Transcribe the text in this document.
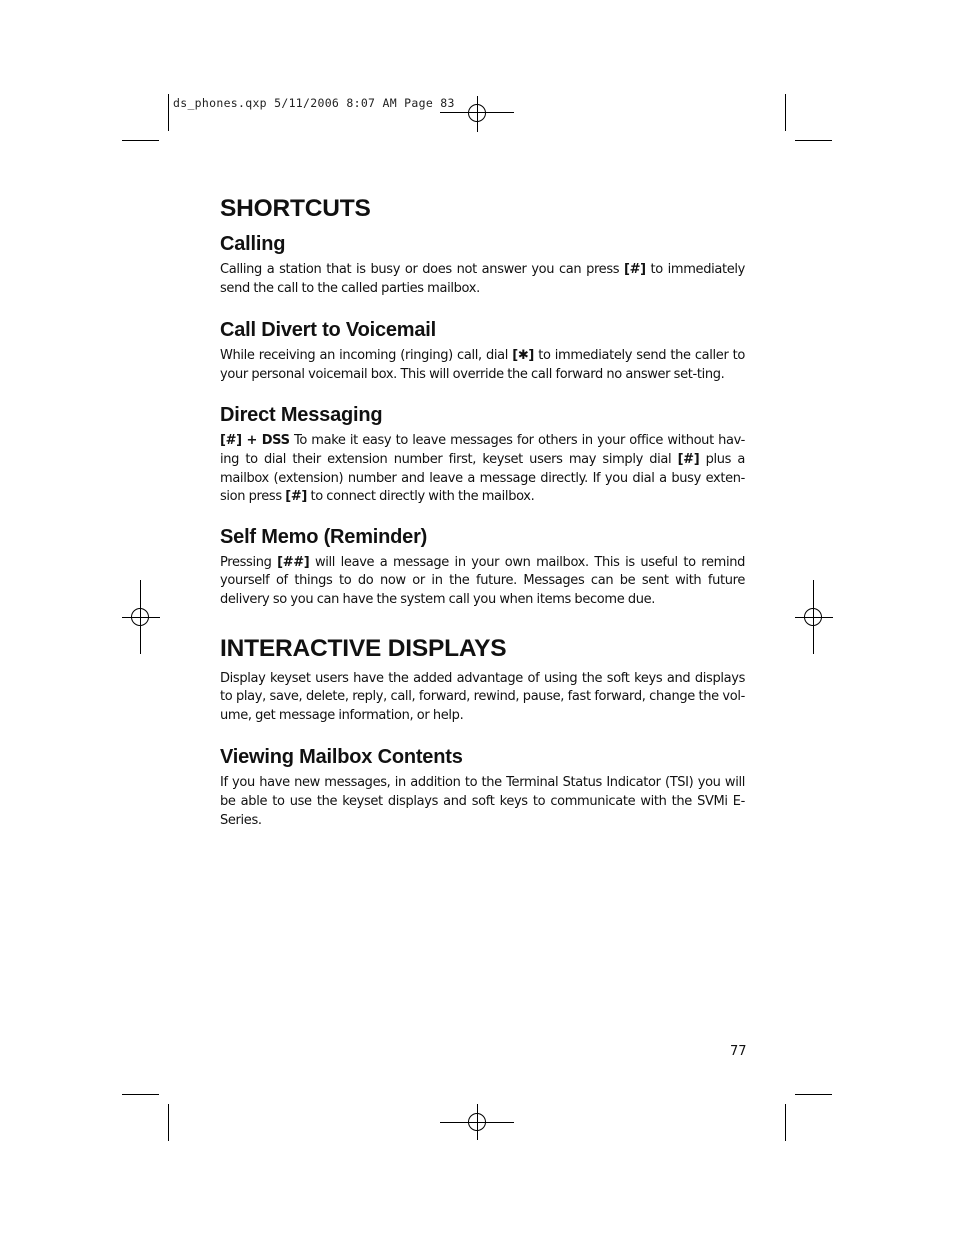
ds_phones.qxp 5/11/2006 8:07 AM Page 83
SHORTCUTS
Calling

Calling a station that is busy or does not answer you can press [#] to immediately send the call to the called parties mailbox.

Call Divert to Voicemail

While receiving an incoming (ringing) call, dial [✱] to immediately send the caller to your personal voicemail box. This will override the call forward no answer set-ting.

Direct Messaging

[#] + DSS To make it easy to leave messages for others in your office without hav-ing to dial their extension number first, keyset users may simply dial [#] plus a mailbox (extension) number and leave a message directly. If you dial a busy exten-sion press [#] to connect directly with the mailbox.

Self Memo (Reminder)

Pressing [##] will leave a message in your own mailbox. This is useful to remind yourself of things to do now or in the future. Messages can be sent with future delivery so you can have the system call you when items become due.

INTERACTIVE DISPLAYS

Display keyset users have the added advantage of using the soft keys and displays to play, save, delete, reply, call, forward, rewind, pause, fast forward, change the vol-ume, get message information, or help.

Viewing Mailbox Contents

If you have new messages, in addition to the Terminal Status Indicator (TSI) you will be able to use the keyset displays and soft keys to communicate with the SVMi E-Series.

77
